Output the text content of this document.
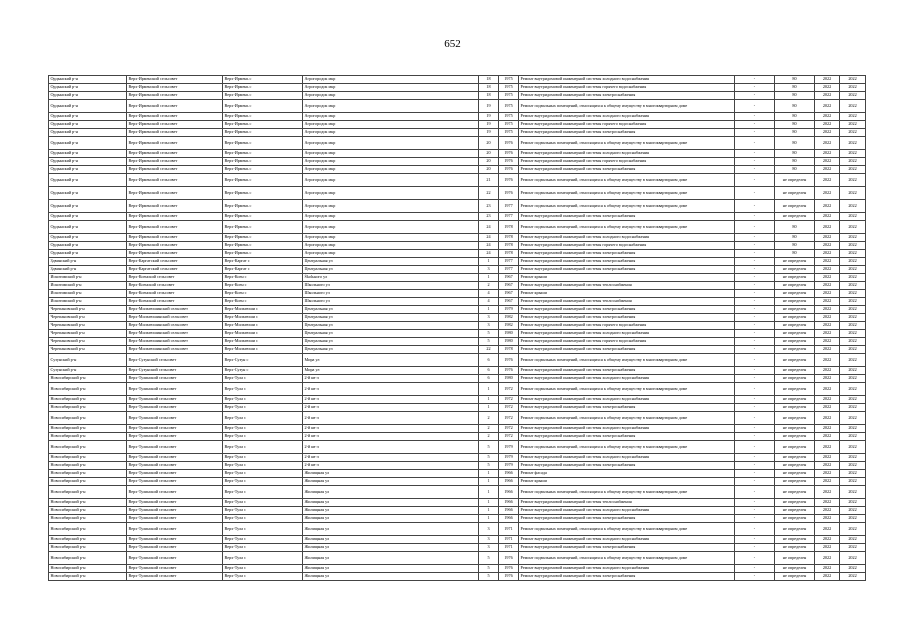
652
Ордынский р-н	Верх-Ирменский сельсовет	Верх-Ирмень с	Агрогородок мкр	18	1975	Ремонт внутридомовой инженерной системы холодного водоснабжения	-	80	2022	2022
Ордынский р-н	Верх-Ирменский сельсовет	Верх-Ирмень с	Агрогородок мкр	18	1975	Ремонт внутридомовой инженерной системы горячего водоснабжения	-	80	2022	2022
Ордынский р-н	Верх-Ирменский сельсовет	Верх-Ирмень с	Агрогородок мкр	18	1975	Ремонт внутридомовой инженерной системы электроснабжения	-	80	2022	2022
Ордынский р-н	Верх-Ирменский сельсовет	Верх-Ирмень с	Агрогородок мкр	19	1975	Ремонт подвальных помещений, относящихся к общему имуществу в многоквартирном доме	-	80	2022	2022
Ордынский р-н	Верх-Ирменский сельсовет	Верх-Ирмень с	Агрогородок мкр	19	1975	Ремонт внутридомовой инженерной системы холодного водоснабжения	-	80	2022	2022
Ордынский р-н	Верх-Ирменский сельсовет	Верх-Ирмень с	Агрогородок мкр	19	1975	Ремонт внутридомовой инженерной системы горячего водоснабжения	-	80	2022	2022
Ордынский р-н	Верх-Ирменский сельсовет	Верх-Ирмень с	Агрогородок мкр	19	1975	Ремонт внутридомовой инженерной системы электроснабжения	-	80	2022	2022
Ордынский р-н	Верх-Ирменский сельсовет	Верх-Ирмень с	Агрогородок мкр	20	1976	Ремонт подвальных помещений, относящихся к общему имуществу в многоквартирном доме	-	80	2022	2022
Ордынский р-н	Верх-Ирменский сельсовет	Верх-Ирмень с	Агрогородок мкр	20	1976	Ремонт внутридомовой инженерной системы холодного водоснабжения	-	80	2022	2022
Ордынский р-н	Верх-Ирменский сельсовет	Верх-Ирмень с	Агрогородок мкр	20	1976	Ремонт внутридомовой инженерной системы горячего водоснабжения	-	80	2022	2022
Ордынский р-н	Верх-Ирменский сельсовет	Верх-Ирмень с	Агрогородок мкр	20	1976	Ремонт внутридомовой инженерной системы электроснабжения	-	80	2022	2022
Ордынский р-н	Верх-Ирменский сельсовет	Верх-Ирмень с	Агрогородок мкр	21	1976	Ремонт подвальных помещений, относящихся к общему имуществу в многоквартирном доме	-	не определен	2022	2022
Ордынский р-н	Верх-Ирменский сельсовет	Верх-Ирмень с	Агрогородок мкр	22	1976	Ремонт подвальных помещений, относящихся к общему имуществу в многоквартирном доме	-	не определен	2022	2022
Ордынский р-н	Верх-Ирменский сельсовет	Верх-Ирмень с	Агрогородок мкр	23	1977	Ремонт подвальных помещений, относящихся к общему имуществу в многоквартирном доме	-	не определен	2022	2022
Ордынский р-н	Верх-Ирменский сельсовет	Верх-Ирмень с	Агрогородок мкр	23	1977	Ремонт внутридомовой инженерной системы электроснабжения	-	не определен	2022	2022
Ордынский р-н	Верх-Ирменский сельсовет	Верх-Ирмень с	Агрогородок мкр	24	1978	Ремонт подвальных помещений, относящихся к общему имуществу в многоквартирном доме	-	80	2022	2022
Ордынский р-н	Верх-Ирменский сельсовет	Верх-Ирмень с	Агрогородок мкр	24	1978	Ремонт внутридомовой инженерной системы холодного водоснабжения	-	80	2022	2022
Ордынский р-н	Верх-Ирменский сельсовет	Верх-Ирмень с	Агрогородок мкр	24	1978	Ремонт внутридомовой инженерной системы горячего водоснабжения	-	80	2022	2022
Ордынский р-н	Верх-Ирменский сельсовет	Верх-Ирмень с	Агрогородок мкр	24	1978	Ремонт внутридомовой инженерной системы электроснабжения	-	80	2022	2022
Здвинский р-н	Верх-Каргатский сельсовет	Верх-Каргат с	Центральная ул	1	1977	Ремонт внутридомовой инженерной системы электроснабжения	-	не определен	2022	2022
Здвинский р-н	Верх-Каргатский сельсовет	Верх-Каргат с	Центральная ул	3	1977	Ремонт внутридомовой инженерной системы электроснабжения	-	не определен	2022	2022
Искитимский р-н	Верх-Коенский сельсовет	Верх-Коен с	Školьного ул	1	1967	Ремонт крыши	-	не определен	2022	2022
Искитимский р-н	Верх-Коенский сельсовет	Верх-Коен с	Школьного ул	2	1967	Ремонт внутридомовой инженерной системы теплоснабжения	-	не определен	2022	2022
Искитимский р-н	Верх-Коенский сельсовет	Верх-Коен с	Школьного ул	4	1967	Ремонт крыши	-	не определен	2022	2022
Искитимский р-н	Верх-Коенский сельсовет	Верх-Коен с	Школьного ул	4	1967	Ремонт внутридомовой инженерной системы теплоснабжения	-	не определен	2022	2022
Черепановский р-н	Верх-Мильтюшинский сельсовет	Верх-Мильтюши с	Центральная ул	1	1979	Ремонт внутридомовой инженерной системы электроснабжения	-	не определен	2022	2022
Черепановский р-н	Верх-Мильтюшинский сельсовет	Верх-Мильтюши с	Центральная ул	3	1982	Ремонт внутридомовой инженерной системы электроснабжения	-	не определен	2022	2022
Черепановский р-н	Верх-Мильтюшинский сельсовет	Верх-Мильтюши с	Центральная ул	3	1982	Ремонт внутридомовой инженерной системы горячего водоснабжения	-	не определен	2022	2022
Черепановский р-н	Верх-Мильтюшинский сельсовет	Верх-Мильтюши с	Центральная ул	5	1980	Ремонт внутридомовой инженерной системы холодного водоснабжения	-	не определен	2022	2022
Черепановский р-н	Верх-Мильтюшинский сельсовет	Верх-Мильтюши с	Центральная ул	5	1980	Ремонт внутридомовой инженерной системы горячего водоснабжения	-	не определен	2022	2022
Черепановский р-н	Верх-Мильтюшинский сельсовет	Верх-Мильтюши с	Центральная ул	22	1978	Ремонт внутридомовой инженерной системы электроснабжения	-	не определен	2022	2022
Сузунский р-н	Верх-Сузунский сельсовет	Верх-Сузун с	Мира ул	6	1976	Ремонт подвальных помещений, относящихся к общему имуществу в многоквартирном доме	-	не определен	2022	2022
Сузунский р-н	Верх-Сузунский сельсовет	Верх-Сузун с	Мира ул	6	1976	Ремонт внутридомовой инженерной системы электроснабжения	-	не определен	2022	2022
Новосибирский р-н	Верх-Тулинский сельсовет	Верх-Тула с	2-й кв-л	6	1980	Ремонт внутридомовой инженерной системы холодного водоснабжения	-	не определен	2022	2022
Новосибирский р-н	Верх-Тулинский сельсовет	Верх-Тула с	2-й кв-л	1	1972	Ремонт подвальных помещений, относящихся к общему имуществу в многоквартирном доме	-	не определен	2022	2022
Новосибирский р-н	Верх-Тулинский сельсовет	Верх-Тула с	2-й кв-л	1	1972	Ремонт внутридомовой инженерной системы холодного водоснабжения	-	не определен	2022	2022
Новосибирский р-н	Верх-Тулинский сельсовет	Верх-Тула с	2-й кв-л	1	1972	Ремонт внутридомовой инженерной системы электроснабжения	-	не определен	2022	2022
Новосибирский р-н	Верх-Тулинский сельсовет	Верх-Тула с	2-й кв-л	2	1972	Ремонт подвальных помещений, относящихся к общему имуществу в многоквартирном доме	-	не определен	2022	2022
Новосибирский р-н	Верх-Тулинский сельсовет	Верх-Тула с	2-й кв-л	2	1972	Ремонт внутридомовой инженерной системы холодного водоснабжения	-	не определен	2022	2022
Новосибирский р-н	Верх-Тулинский сельсовет	Верх-Тула с	2-й кв-л	2	1972	Ремонт внутридомовой инженерной системы электроснабжения	-	не определен	2022	2022
Новосибирский р-н	Верх-Тулинский сельсовет	Верх-Тула с	2-й кв-л	5	1979	Ремонт подвальных помещений, относящихся к общему имуществу в многоквартирном доме	-	не определен	2022	2022
Новосибирский р-н	Верх-Тулинский сельсовет	Верх-Тула с	2-й кв-л	5	1979	Ремонт внутридомовой инженерной системы холодного водоснабжения	-	не определен	2022	2022
Новосибирский р-н	Верх-Тулинский сельсовет	Верх-Тула с	2-й кв-л	5	1979	Ремонт внутридомовой инженерной системы электроснабжения	-	не определен	2022	2022
Новосибирский р-н	Верх-Тулинский сельсовет	Верх-Тула с	Жилищная ул	1	1966	Ремонт фасада	-	не определен	2022	2022
Новосибирский р-н	Верх-Тулинский сельсовет	Верх-Тула с	Жилищная ул	1	1966	Ремонт крыши	-	не определен	2022	2022
Новосибирский р-н	Верх-Тулинский сельсовет	Верх-Тула с	Жилищная ул	1	1966	Ремонт подвальных помещений, относящихся к общему имуществу в многоквартирном доме	-	не определен	2022	2022
Новосибирский р-н	Верх-Тулинский сельсовет	Верх-Тула с	Жилищная ул	1	1966	Ремонт внутридомовой инженерной системы теплоснабжения	-	не определен	2022	2022
Новосибирский р-н	Верх-Тулинский сельсовет	Верх-Тула с	Жилищная ул	1	1966	Ремонт внутридомовой инженерной системы холодного водоснабжения	-	не определен	2022	2022
Новосибирский р-н	Верх-Тулинский сельсовет	Верх-Тула с	Жилищная ул	1	1966	Ремонт внутридомовой инженерной системы электроснабжения	-	не определен	2022	2022
Новосибирский р-н	Верх-Тулинский сельсовет	Верх-Тула с	Жилищная ул	3	1971	Ремонт подвальных помещений, относящихся к общему имуществу в многоквартирном доме	-	не определен	2022	2022
Новосибирский р-н	Верх-Тулинский сельсовет	Верх-Тула с	Жилищная ул	3	1971	Ремонт внутридомовой инженерной системы холодного водоснабжения	-	не определен	2022	2022
Новосибирский р-н	Верх-Тулинский сельсовет	Верх-Тула с	Жилищная ул	3	1971	Ремонт внутридомовой инженерной системы электроснабжения	-	не определен	2022	2022
Новосибирский р-н	Верх-Тулинский сельсовет	Верх-Тула с	Жилищная ул	5	1976	Ремонт подвальных помещений, относящихся к общему имуществу в многоквартирном доме	-	не определен	2022	2022
Новосибирский р-н	Верх-Тулинский сельсовет	Верх-Тула с	Жилищная ул	5	1976	Ремонт внутридомовой инженерной системы холодного водоснабжения	-	не определен	2022	2022
Новосибирский р-н	Верх-Тулинский сельсовет	Верх-Тула с	Жилищная ул	5	1976	Ремонт внутридомовой инженерной системы электроснабжения	-	не определен	2022	2022
